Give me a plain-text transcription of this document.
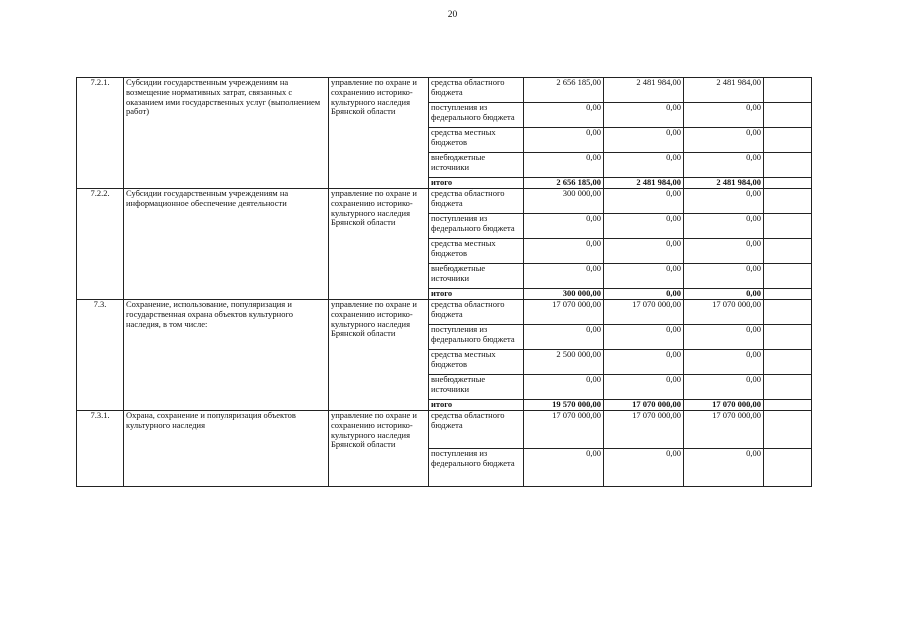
20
7.2.1.	Субсидии государственным учреждениям на возмещение нормативных затрат, связанных с оказанием ими государственных услуг (выполнением работ)	управление по охране и сохранению историко-культурного наследия Брянской области	средства областного бюджета	2 656 185,00	2 481 984,00	2 481 984,00	
			поступления из федерального бюджета	0,00	0,00	0,00	
			средства местных бюджетов	0,00	0,00	0,00	
			внебюджетные источники	0,00	0,00	0,00	
			итого	2 656 185,00	2 481 984,00	2 481 984,00	
7.2.2.	Субсидии государственным учреждениям на информационное обеспечение деятельности	управление по охране и сохранению историко-культурного наследия Брянской области	средства областного бюджета	300 000,00	0,00	0,00	
			поступления из федерального бюджета	0,00	0,00	0,00	
			средства местных бюджетов	0,00	0,00	0,00	
			внебюджетные источники	0,00	0,00	0,00	
			итого	300 000,00	0,00	0,00	
7.3.	Сохранение, использование, популяризация и государственная охрана объектов культурного наследия, в том числе:	управление по охране и сохранению историко-культурного наследия Брянской области	средства областного бюджета	17 070 000,00	17 070 000,00	17 070 000,00	
			поступления из федерального бюджета	0,00	0,00	0,00	
			средства местных бюджетов	2 500 000,00	0,00	0,00	
			внебюджетные источники	0,00	0,00	0,00	
			итого	19 570 000,00	17 070 000,00	17 070 000,00	
7.3.1.	Охрана, сохранение и популяризация объектов культурного наследия	управление по охране и сохранению историко-культурного наследия Брянской области	средства областного бюджета	17 070 000,00	17 070 000,00	17 070 000,00	
			поступления из федерального бюджета	0,00	0,00	0,00	
